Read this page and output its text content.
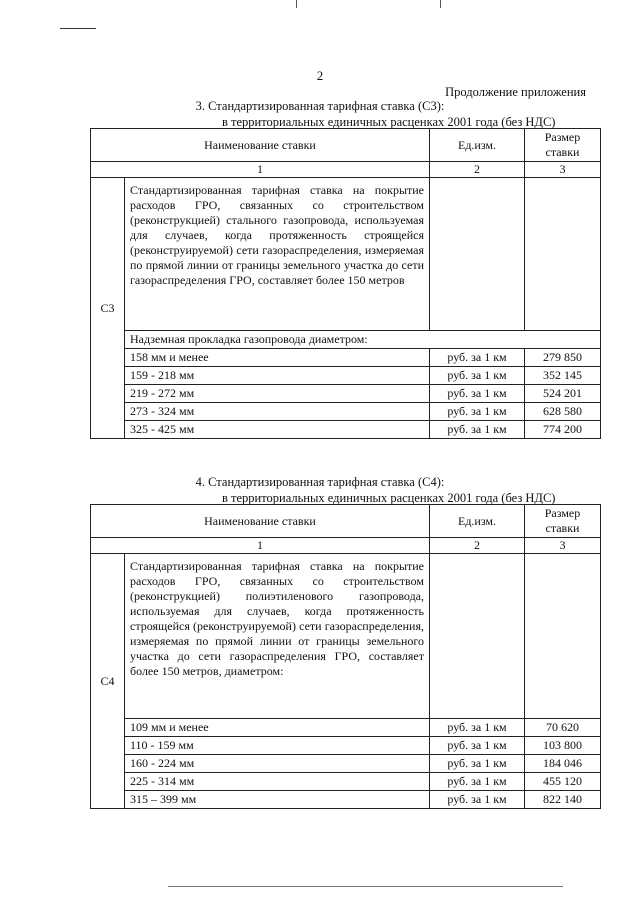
2
Продолжение приложения
3. Стандартизированная тарифная ставка (С3):
в территориальных единичных расценках 2001 года (без НДС)
Наименование ставки		Ед.изм.	Размер ставки
1		2	3
С3	Стандартизированная тарифная ставка на покрытие расходов ГРО, связанных со строительством (реконструкцией) стального газопровода, используемая для случаев, когда протяженность строящейся (реконструируемой) сети газораспределения, измеряемая по прямой линии от границы земельного участка до сети газораспределения ГРО, составляет более 150 метров		
	Надземная прокладка газопровода диаметром:		
	158 мм и менее	руб. за 1 км	279 850
	159 - 218 мм	руб. за 1 км	352 145
	219 - 272 мм	руб. за 1 км	524 201
	273 - 324 мм	руб. за 1 км	628 580
	325 - 425 мм	руб. за 1 км	774 200
4. Стандартизированная тарифная ставка (С4):
в территориальных единичных расценках 2001 года (без НДС)
Наименование ставки		Ед.изм.	Размер ставки
1		2	3
С4	Стандартизированная тарифная ставка на покрытие расходов ГРО, связанных со строительством (реконструкцией) полиэтиленового газопровода, используемая для случаев, когда протяженность строящейся (реконструируемой) сети газораспределения, измеряемая по прямой линии от границы земельного участка до сети газораспределения ГРО, составляет более 150 метров, диаметром:		
	109 мм и менее	руб. за 1 км	70 620
	110 - 159 мм	руб. за 1 км	103 800
	160 - 224 мм	руб. за 1 км	184 046
	225 - 314 мм	руб. за 1 км	455 120
	315 – 399 мм	руб. за 1 км	822 140
